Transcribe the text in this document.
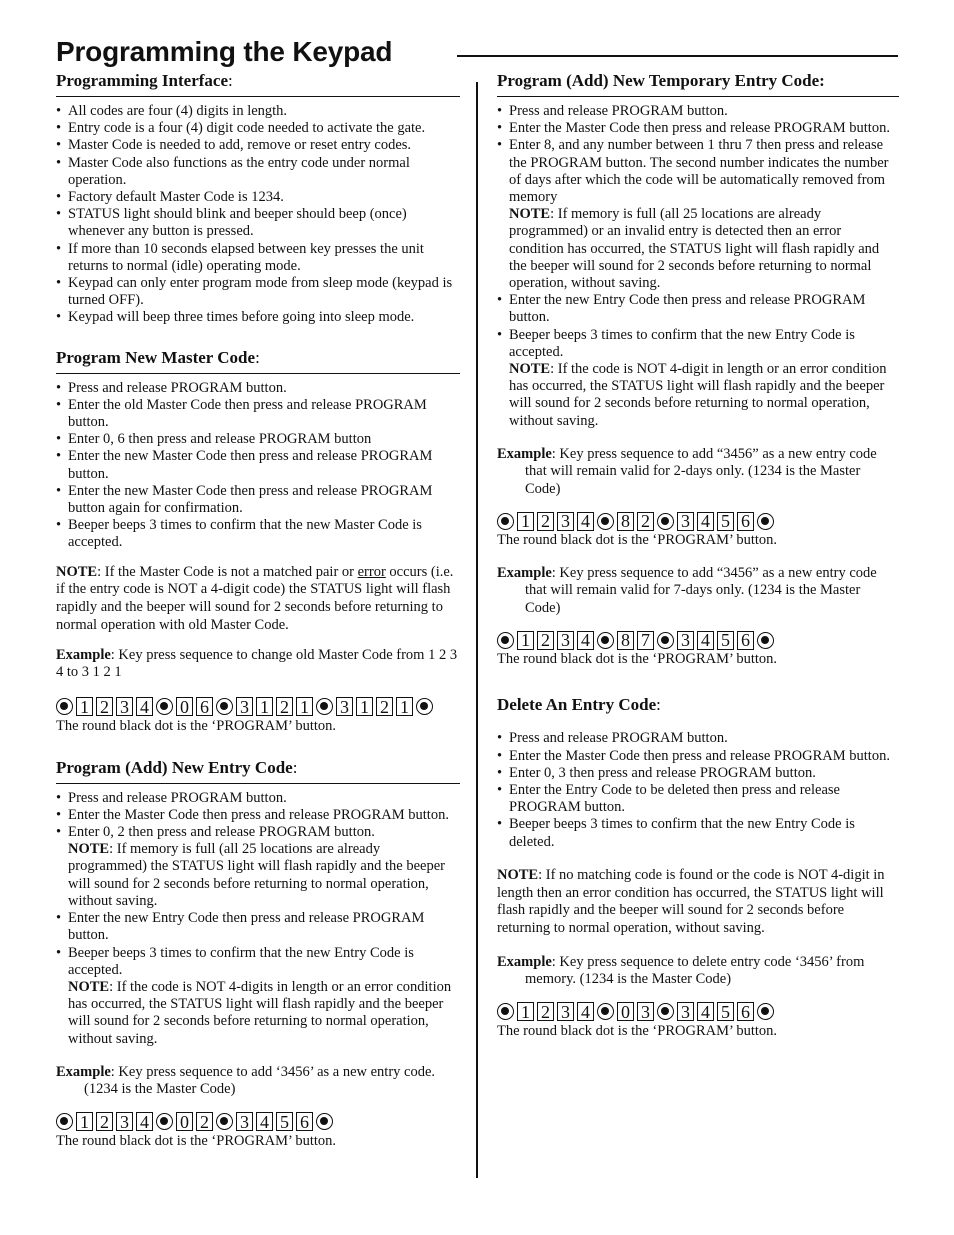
Programming the Keypad
Programming Interface:
• All codes are four (4) digits in length.
• Entry code is a four (4) digit code needed to activate the gate.
• Master Code is needed to add, remove or reset entry codes.
• Master Code also functions as the entry code under normal operation.
• Factory default Master Code is 1234.
• STATUS light should blink and beeper should beep (once) whenever any button is pressed.
• If more than 10 seconds elapsed between key presses the unit returns to normal (idle) operating mode.
• Keypad can only enter program mode from sleep mode (keypad is turned OFF).
• Keypad will beep three times before going into sleep mode.
Program New Master Code:
• Press and release PROGRAM button.
• Enter the old Master Code then press and release PROGRAM button.
• Enter 0, 6 then press and release PROGRAM button
• Enter the new Master Code then press and release PROGRAM button.
• Enter the new Master Code then press and release PROGRAM button again for confirmation.
• Beeper beeps 3 times to confirm that the new Master Code is accepted.

NOTE: If the Master Code is not a matched pair or error occurs (i.e. if the entry code is NOT a 4-digit code) the STATUS light will flash rapidly and the beeper will sound for 2 seconds before returning to normal operation with old Master Code.

Example: Key press sequence to change old Master Code from 1 2 3 4 to 3 1 2 1

1 2 3 4 0 6 3 1 2 1 3 1 2 1

The round black dot is the ‘PROGRAM’ button.

Program (Add) New Entry Code:
• Press and release PROGRAM button.
• Enter the Master Code then press and release PROGRAM button.
• Enter 0, 2 then press and release PROGRAM button.
NOTE: If memory is full (all 25 locations are already programmed) the STATUS light will flash rapidly and the beeper will sound for 2 seconds before returning to normal operation, without saving.
• Enter the new Entry Code then press and release PROGRAM button.
• Beeper beeps 3 times to confirm that the new Entry Code is accepted.
NOTE: If the code is NOT 4-digits in length or an error condition has occurred, the STATUS light will flash rapidly and the beeper will sound for 2 seconds before returning to normal operation, without saving.

Example: Key press sequence to add ‘3456’ as a new entry code. (1234 is the Master Code)

1 2 3 4 0 2 3 4 5 6

The round black dot is the ‘PROGRAM’ button.

Program (Add) New Temporary Entry Code:
• Press and release PROGRAM button.
• Enter the Master Code then press and release PROGRAM button.
• Enter 8, and any number between 1 thru 7 then press and release the PROGRAM button. The second number indicates the number of days after which the code will be automatically removed from memory
NOTE: If memory is full (all 25 locations are already programmed) or an invalid entry is detected then an error condition has occurred, the STATUS light will flash rapidly and the beeper will sound for 2 seconds before returning to normal operation, without saving.
• Enter the new Entry Code then press and release PROGRAM button.
• Beeper beeps 3 times to confirm that the new Entry Code is accepted.
NOTE: If the code is NOT 4-digit in length or an error condition has occurred, the STATUS light will flash rapidly and the beeper will sound for 2 seconds before returning to normal operation, without saving.

Example: Key press sequence to add “3456” as a new entry code that will remain valid for 2-days only. (1234 is the Master Code)

1 2 3 4 8 2 3 4 5 6

The round black dot is the ‘PROGRAM’ button.

Example: Key press sequence to add “3456” as a new entry code that will remain valid for 7-days only. (1234 is the Master Code)

1 2 3 4 8 7 3 4 5 6

The round black dot is the ‘PROGRAM’ button.

Delete An Entry Code:
• Press and release PROGRAM button.
• Enter the Master Code then press and release PROGRAM button.
• Enter 0, 3 then press and release PROGRAM button.
• Enter the Entry Code to be deleted then press and release PROGRAM button.
• Beeper beeps 3 times to confirm that the new Entry Code is deleted.

NOTE: If no matching code is found or the code is NOT 4-digit in length then an error condition has occurred, the STATUS light will flash rapidly and the beeper will sound for 2 seconds before returning to normal operation, without saving.

Example: Key press sequence to delete entry code ‘3456’ from memory. (1234 is the Master Code)

1 2 3 4 0 3 3 4 5 6

The round black dot is the ‘PROGRAM’ button.
